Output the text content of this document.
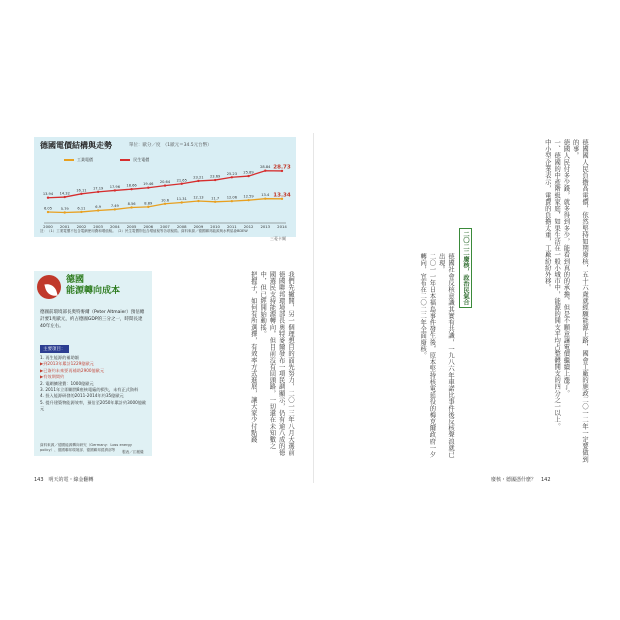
2000 2001 2002 2003 2004 2005 2006 2007 2008 2009 2010 2011 2012 2013 2014
6.05 5.79 6.11	6.9	7.49 8.56 8.89
10.6 11.31 12.13 11.7 12.06 12.59 13.4 13.34
13.94 14.32
16.11 17.19 17.96 18.66 19.46
20.64 21.65
23.21 23.69
25.23 25.89
28.84 28.73
德國電價結構與走勢	單位：歐分／度　（1歐元＝34.5元台幣）
工業電價
	民生電價
註：（1）工業電價不包含電網使用費和增值稅。（2）民生電價則包含增值稅等各項稅捐。資料來源／德國聯邦能源與水利協會BDEW
三菱卡爾
德國
能源轉向成本
德國前環境部長奧特麥爾（Peter Altmaier）預估總計要1兆歐元，約占德國GDP的三分之一，時間長達40年左右。
主要項目：
1. 再生能源的補助額
▶到2013年累計1229億歐元
▶已簽約未來要再補助2900億歐元
▶有效期間約
2. 電網擴建費：1000億歐元
3. 2011年立即關閉8座核電廠的損失，未有正式資料
4. 投入能源研發的2011-2014年約35億歐元
5. 提升建築物能源效率，預估至2050年累計約3000億歐元
資料來源／德國能源轉向研究（Germany：Loss energy policy）、德國聯邦環境部、德國聯邦經濟部等
製表／江麗儀	我們先撇開，另一個理想目的面先努力，二〇一三年八月大選前德國聯邦環境部長奧特麥爾發布一項民調顯示，仍有逾八成的德國選民支持能源轉向，但目前沒有回頭路，一切還在未知數之中，但已經開始動搖。

把握子，如何有所選擇，有效率方式進展，讓大家少付點錢

143　明天的電・綠金翻轉

德國國人民負擔高電價，依然堅持如期廢核，五十六歲就經願能源上路，國會工廠的施政二〇一二年一定要做到的事。

德國人民付多少錢，就多得到多少，能看到真的的承擔，但是不願意讓電價繼續上漲了。

一、德國的中產階級家庭，如果生活在一般小城市中，能源的開支平均占整體開支的四分之一以上。

中小型企業表示，電費的負擔太重，工廠紛紛外移。

二〇二二廢核，政治民氣合

德國社會反核意識其實有共識，一九八六年車諾比事件後反核聲浪就已出現。

二〇一一年日本福島事件發生後，原本堅持核電延役的梅克爾政府一夕轉向，宣布在二〇二二年全面廢核。

廢核・德國憑什麼？　142
